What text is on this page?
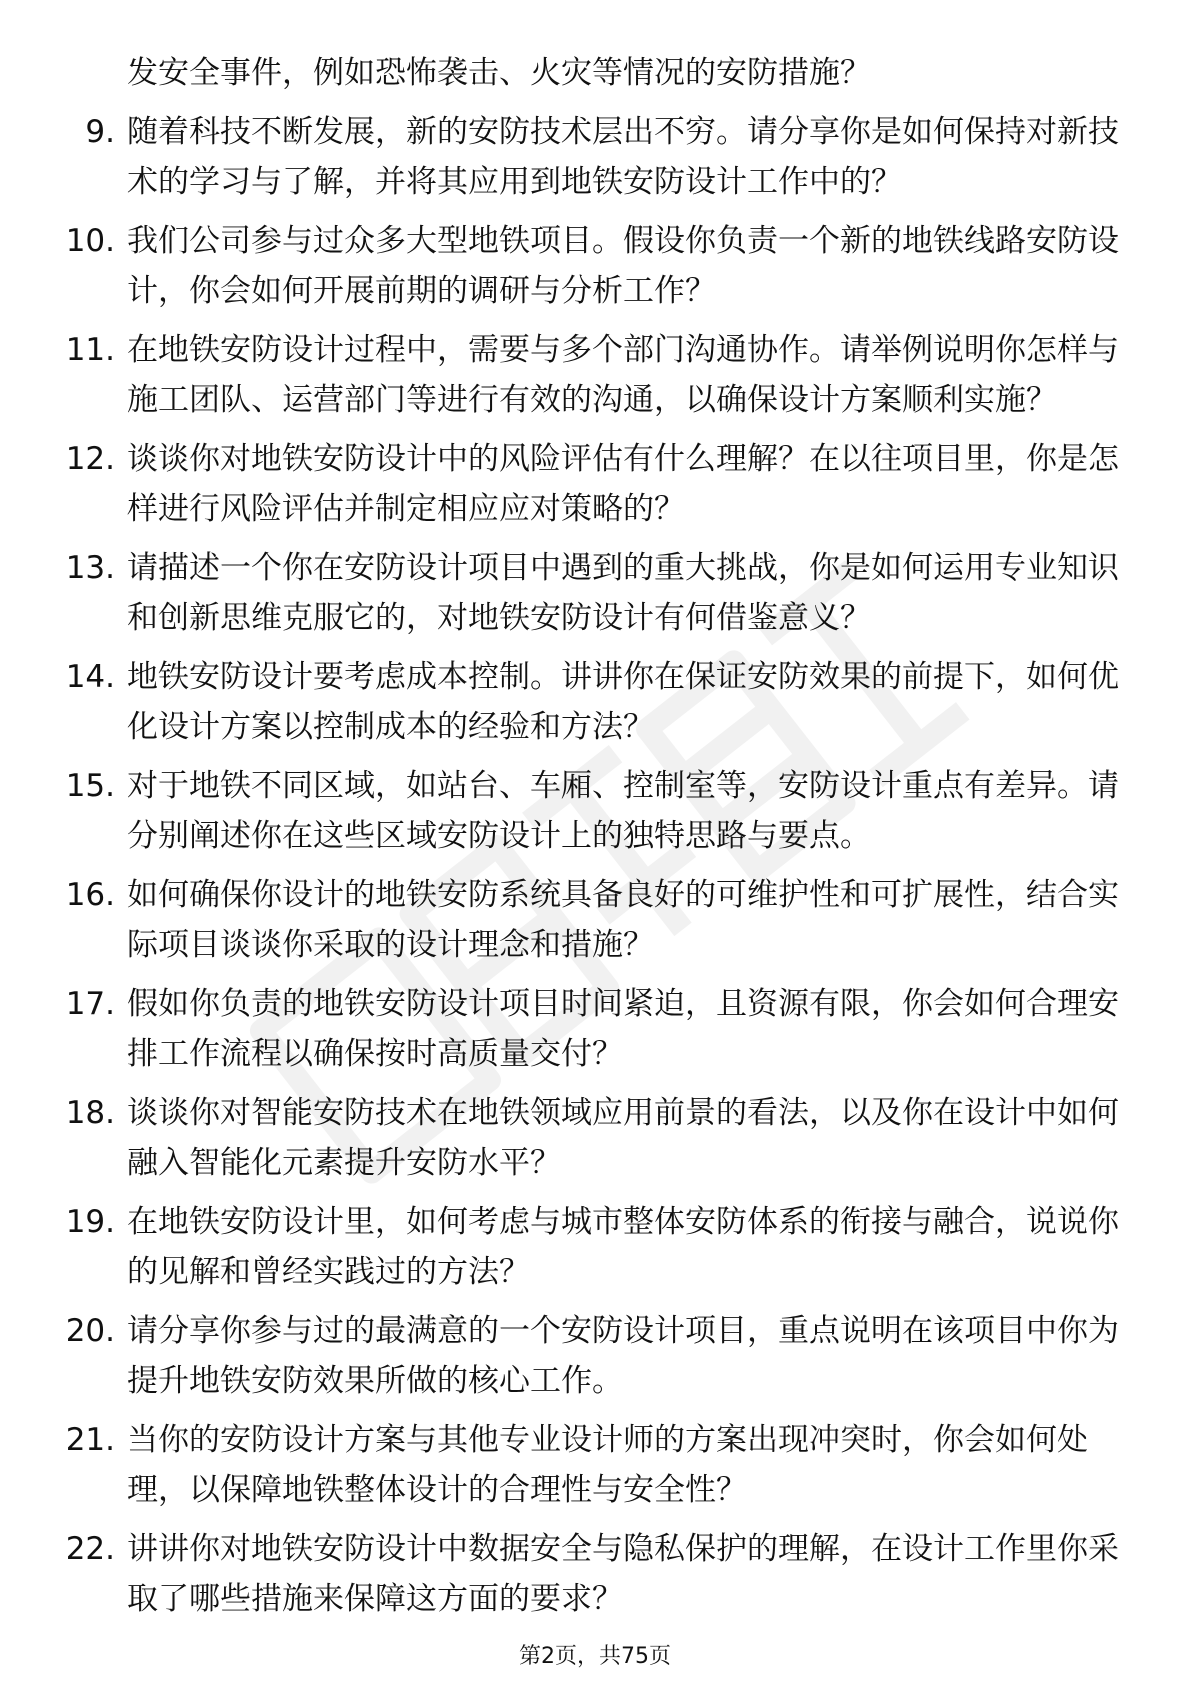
发安全事件，例如恐怖袭击、火灾等情况的安防措施？
9. 随着科技不断发展，新的安防技术层出不穷。请分享你是如何保持对新技术的学习与了解，并将其应用到地铁安防设计工作中的？
10. 我们公司参与过众多大型地铁项目。假设你负责一个新的地铁线路安防设计，你会如何开展前期的调研与分析工作？
11. 在地铁安防设计过程中，需要与多个部门沟通协作。请举例说明你怎样与施工团队、运营部门等进行有效的沟通，以确保设计方案顺利实施？
12. 谈谈你对地铁安防设计中的风险评估有什么理解？在以往项目里，你是怎样进行风险评估并制定相应应对策略的？
13. 请描述一个你在安防设计项目中遇到的重大挑战，你是如何运用专业知识和创新思维克服它的，对地铁安防设计有何借鉴意义？
14. 地铁安防设计要考虑成本控制。讲讲你在保证安防效果的前提下，如何优化设计方案以控制成本的经验和方法？
15. 对于地铁不同区域，如站台、车厢、控制室等，安防设计重点有差异。请分别阐述你在这些区域安防设计上的独特思路与要点。
16. 如何确保你设计的地铁安防系统具备良好的可维护性和可扩展性，结合实际项目谈谈你采取的设计理念和措施？
17. 假如你负责的地铁安防设计项目时间紧迫，且资源有限，你会如何合理安排工作流程以确保按时高质量交付？
18. 谈谈你对智能安防技术在地铁领域应用前景的看法，以及你在设计中如何融入智能化元素提升安防水平？
19. 在地铁安防设计里，如何考虑与城市整体安防体系的衔接与融合，说说你的见解和曾经实践过的方法？
20. 请分享你参与过的最满意的一个安防设计项目，重点说明在该项目中你为提升地铁安防效果所做的核心工作。
21. 当你的安防设计方案与其他专业设计师的方案出现冲突时，你会如何处理，以保障地铁整体设计的合理性与安全性？
22. 讲讲你对地铁安防设计中数据安全与隐私保护的理解，在设计工作里你采取了哪些措施来保障这方面的要求？
第2页，共75页
